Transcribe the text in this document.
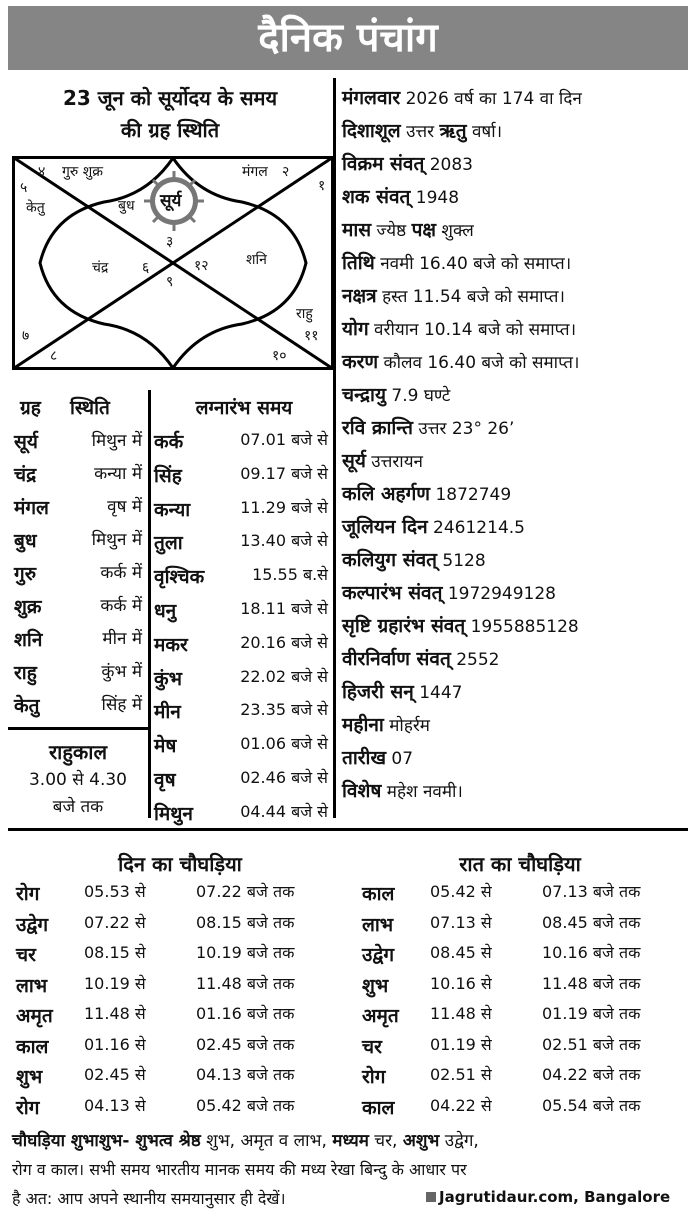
दैनिक पंचांग
23 जून को सूर्योदय के समय
की ग्रह स्थिति
सूर्य
४ गुरु शुक्र
५
केतु
२
मंगल
१
३
बुध
६
चंद्र	१२	शनि
९
११
राहु
७
८	१०
ग्रह स्थिति
सूर्य	मिथुन में
चंद्र	कन्या में
मंगल	वृष में
बुध	मिथुन में
गुरु	कर्क में
शुक्र	कर्क में
शनि	मीन में
राहु	कुंभ में
केतु	सिंह में
राहुकाल
3.00 से 4.30
बजे तक
लग्नारंभ समय
कर्क	07.01 बजे से
सिंह	09.17 बजे से
कन्या	11.29 बजे से
तुला	13.40 बजे से
वृश्चिक	15.55 ब.से
धनु	18.11 बजे से
मकर	20.16 बजे से
कुंभ	22.02 बजे से
मीन	23.35 बजे से
मेष	01.06 बजे से
वृष	02.46 बजे से
मिथुन	04.44 बजे से
मंगलवार 2026 वर्ष का 174 वा दिन
दिशाशूल उत्तर ऋतु वर्षा।
विक्रम संवत् 2083
शक संवत् 1948
मास ज्येष्ठ पक्ष शुक्ल
तिथि नवमी 16.40 बजे को समाप्त।
नक्षत्र हस्त 11.54 बजे को समाप्त।
योग वरीयान 10.14 बजे को समाप्त।
करण कौलव 16.40 बजे को समाप्त।
चन्द्रायु 7.9 घण्टे
रवि क्रान्ति उत्तर 23° 26’
सूर्य उत्तरायन
कलि अहर्गण 1872749
जूलियन दिन 2461214.5
कलियुग संवत् 5128
कल्पारंभ संवत् 1972949128
सृष्टि ग्रहारंभ संवत् 1955885128
वीरनिर्वाण संवत् 2552
हिजरी सन् 1447
महीना मोहर्रम
तारीख 07
विशेष महेश नवमी।
दिन का चौघड़िया	रात का चौघड़िया
रोग	05.53 से	07.22 बजे तक
उद्वेग 07.22 से	08.15 बजे तक
चर	08.15 से	10.19 बजे तक
लाभ 10.19 से	11.48 बजे तक
अमृत 11.48 से	01.16 बजे तक
काल 01.16 से	02.45 बजे तक
शुभ	02.45 से	04.13 बजे तक
रोग	04.13 से	05.42 बजे तक
काल 05.42 से	07.13 बजे तक
लाभ 07.13 से	08.45 बजे तक
उद्वेग 08.45 से	10.16 बजे तक
शुभ	10.16 से	11.48 बजे तक
अमृत 11.48 से	01.19 बजे तक
चर	01.19 से	02.51 बजे तक
रोग	02.51 से	04.22 बजे तक
काल 04.22 से	05.54 बजे तक
चौघड़िया शुभाशुभ- शुभत्व श्रेष्ठ शुभ, अमृत व लाभ, मध्यम चर, अशुभ उद्वेग,
रोग व काल। सभी समय भारतीय मानक समय की मध्य रेखा बिन्दु के आधार पर
है अत: आप अपने स्थानीय समयानुसार ही देखें।	Jagrutidaur.com, Bangalore
